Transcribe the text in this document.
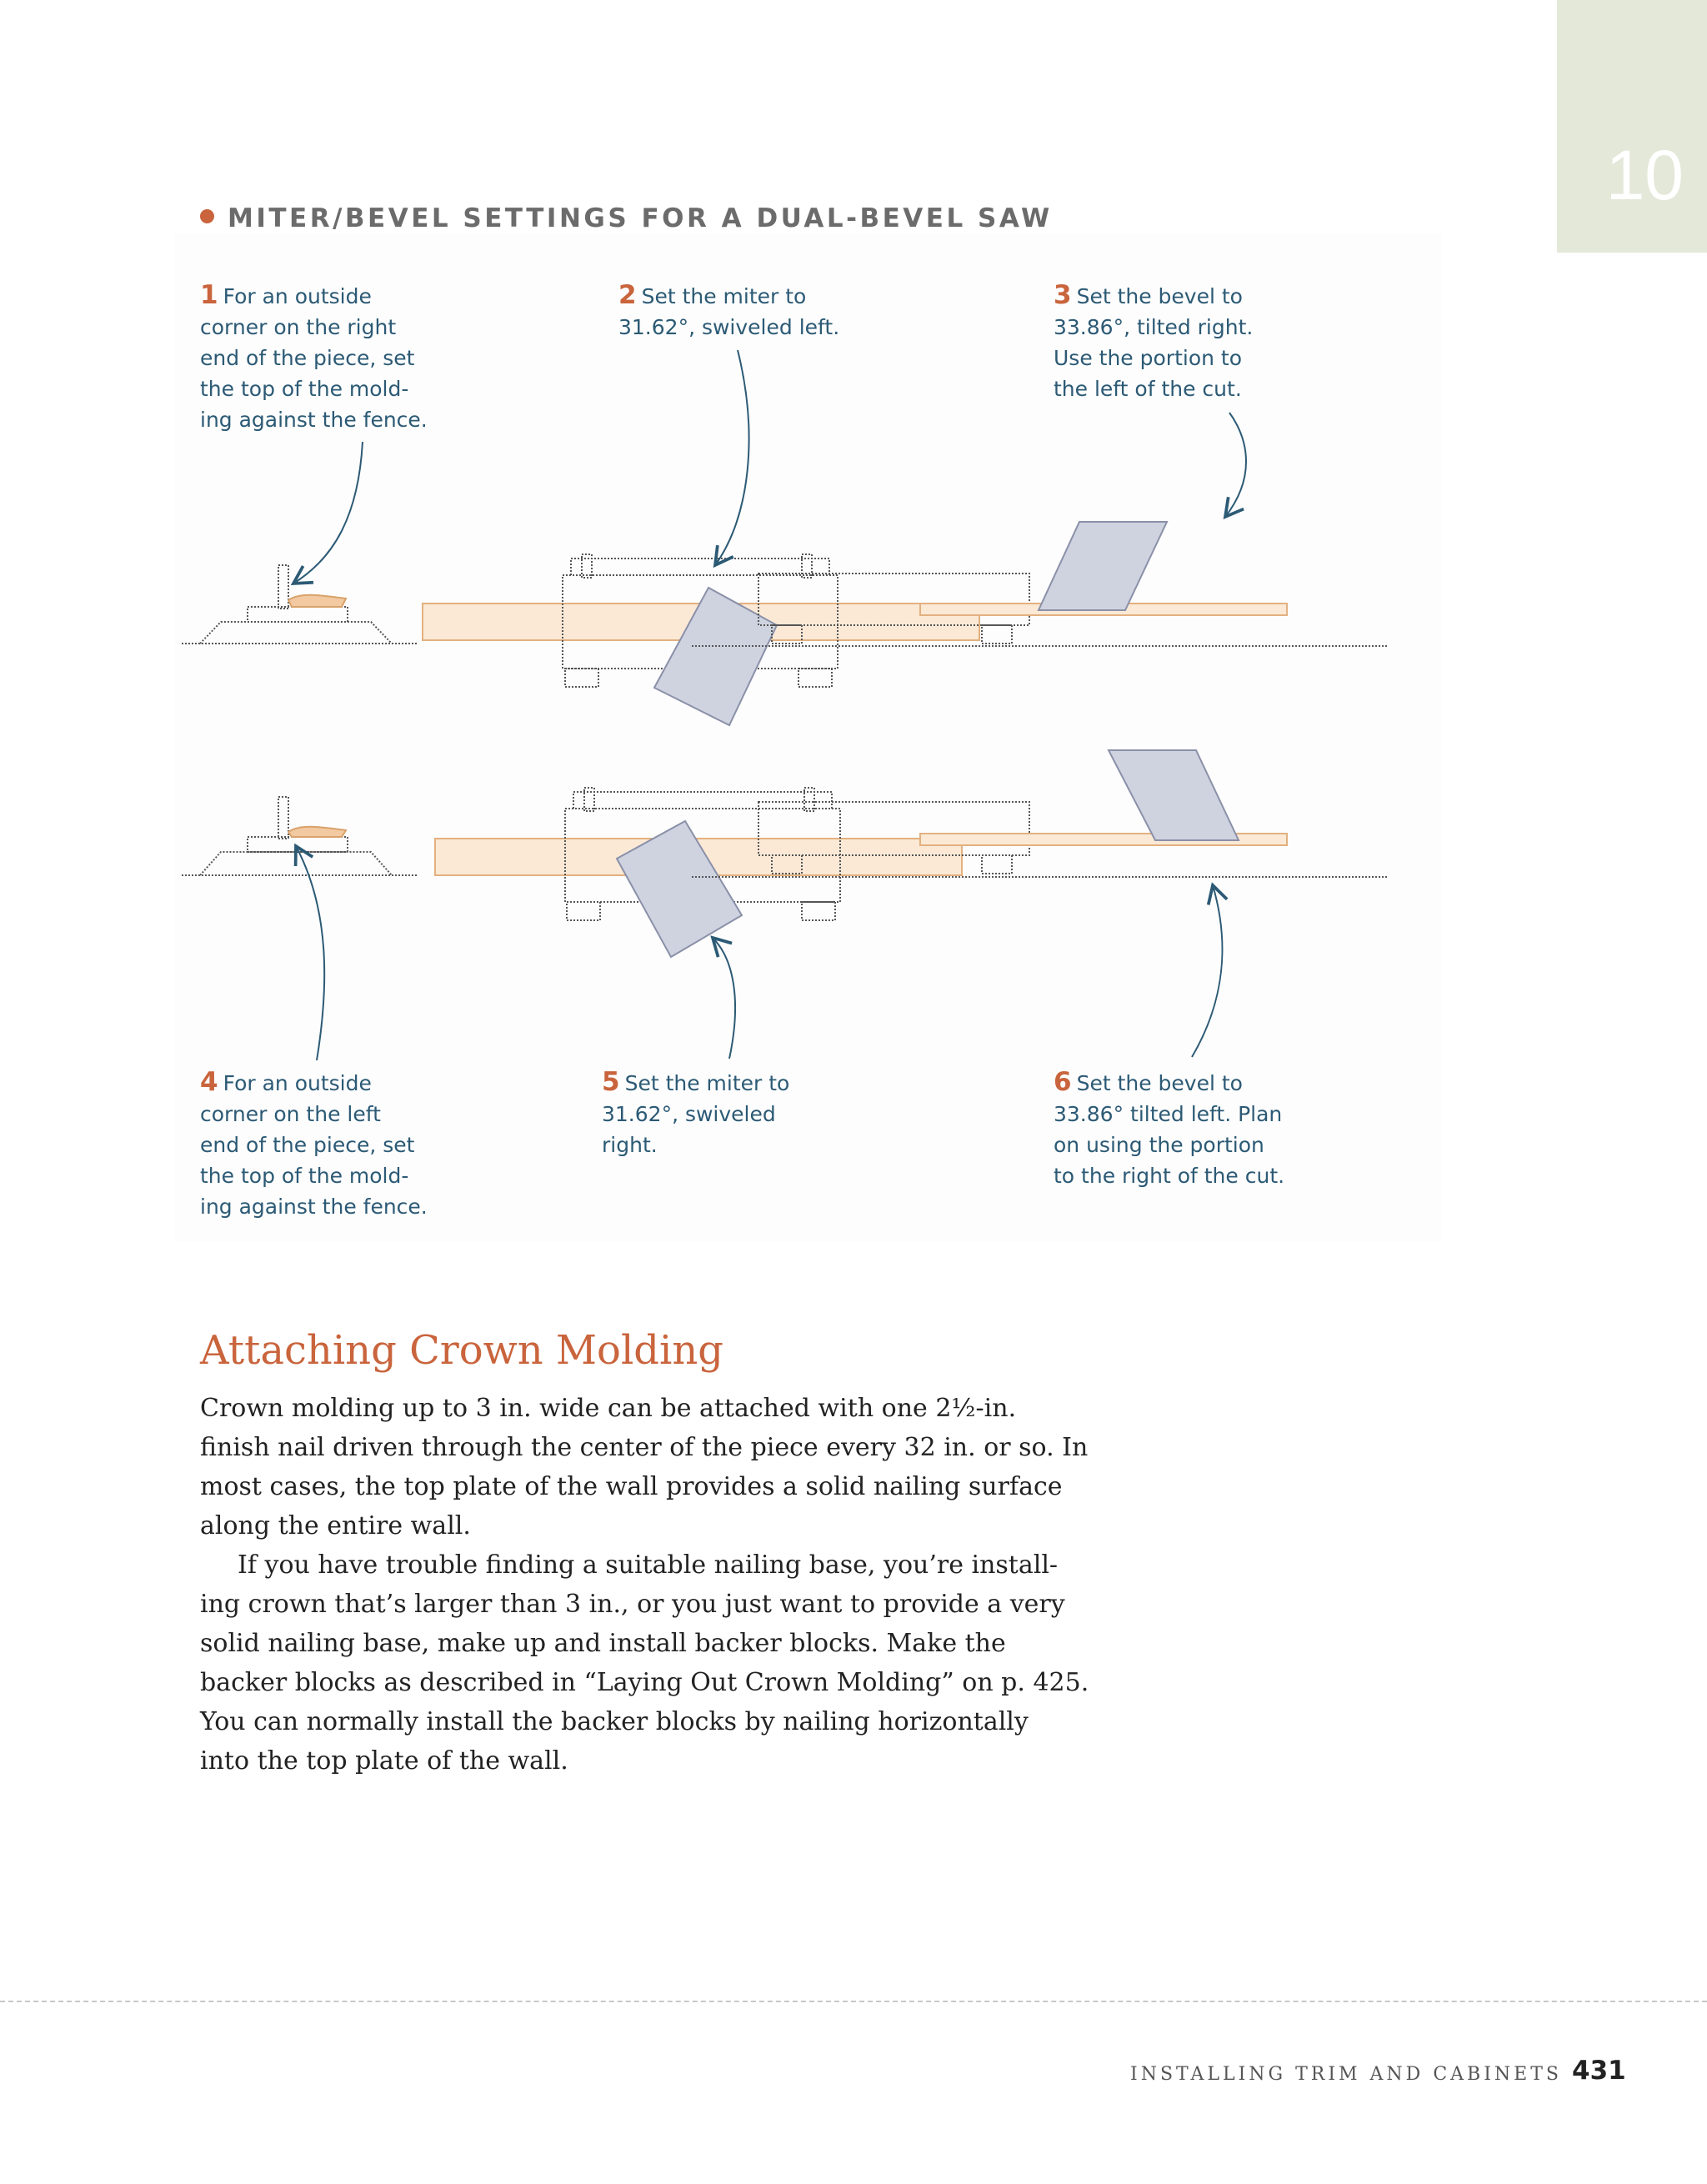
10
MITER/BEVEL SETTINGS FOR A DUAL-BEVEL SAW
1 For an outside
corner on the right
end of the piece, set
the top of the mold-
ing against the fence.
2 Set the miter to
31.62°, swiveled left.
3 Set the bevel to
33.86°, tilted right.
Use the portion to
the left of the cut.
4 For an outside
corner on the left
end of the piece, set
the top of the mold-
ing against the fence.
5 Set the miter to
31.62°, swiveled
right.
6 Set the bevel to
33.86° tilted left. Plan
on using the portion
to the right of the cut.
Attaching Crown Molding
Crown molding up to 3 in. wide can be attached with one 2½-in.
finish nail driven through the center of the piece every 32 in. or so. In
most cases, the top plate of the wall provides a solid nailing surface
along the entire wall.
If you have trouble finding a suitable nailing base, you’re install-
ing crown that’s larger than 3 in., or you just want to provide a very
solid nailing base, make up and install backer blocks. Make the
backer blocks as described in “Laying Out Crown Molding” on p. 425.
You can normally install the backer blocks by nailing horizontally
into the top plate of the wall.
INSTALLING TRIM AND CABINETS 431
